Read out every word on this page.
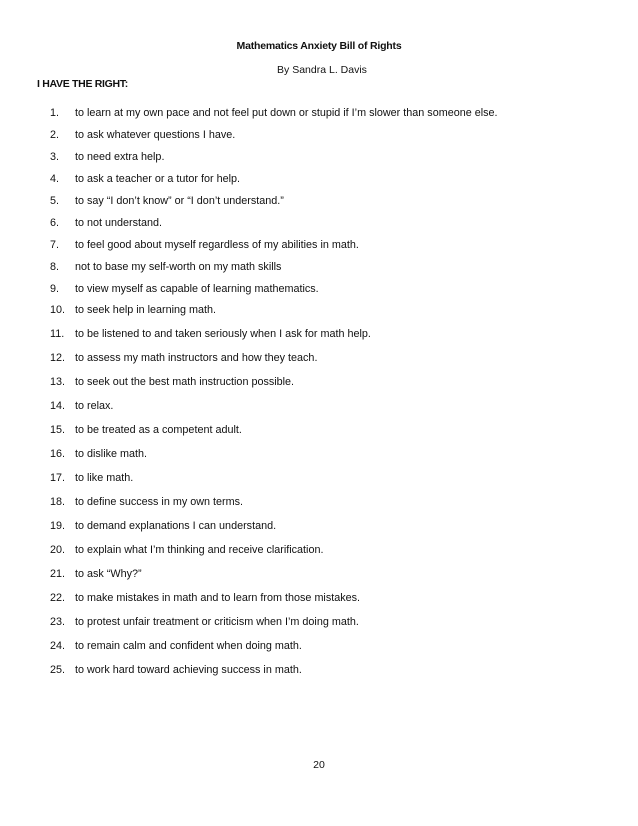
Mathematics Anxiety Bill of Rights
By Sandra L. Davis
I HAVE THE RIGHT:
1.	to learn at my own pace and not feel put down or stupid if I’m slower than someone else.
2.	to ask whatever questions I have.
3.	to need extra help.
4.	to ask a teacher or a tutor for help.
5.	to say “I don’t know” or “I don’t understand.”
6.	to not understand.
7.	to feel good about myself regardless of my abilities in math.
8.	not to base my self-worth on my math skills
9.	to view myself as capable of learning mathematics.
10. to seek help in learning math.
11. to be listened to and taken seriously when I ask for math help.
12. to assess my math instructors and how they teach.
13. to seek out the best math instruction possible.
14. to relax.
15. to be treated as a competent adult.
16. to dislike math.
17. to like math.
18. to define success in my own terms.
19. to demand explanations I can understand.
20. to explain what I’m thinking and receive clarification.
21. to ask “Why?”
22. to make mistakes in math and to learn from those mistakes.
23. to protest unfair treatment or criticism when I’m doing math.
24. to remain calm and confident when doing math.
25. to work hard toward achieving success in math.
20
